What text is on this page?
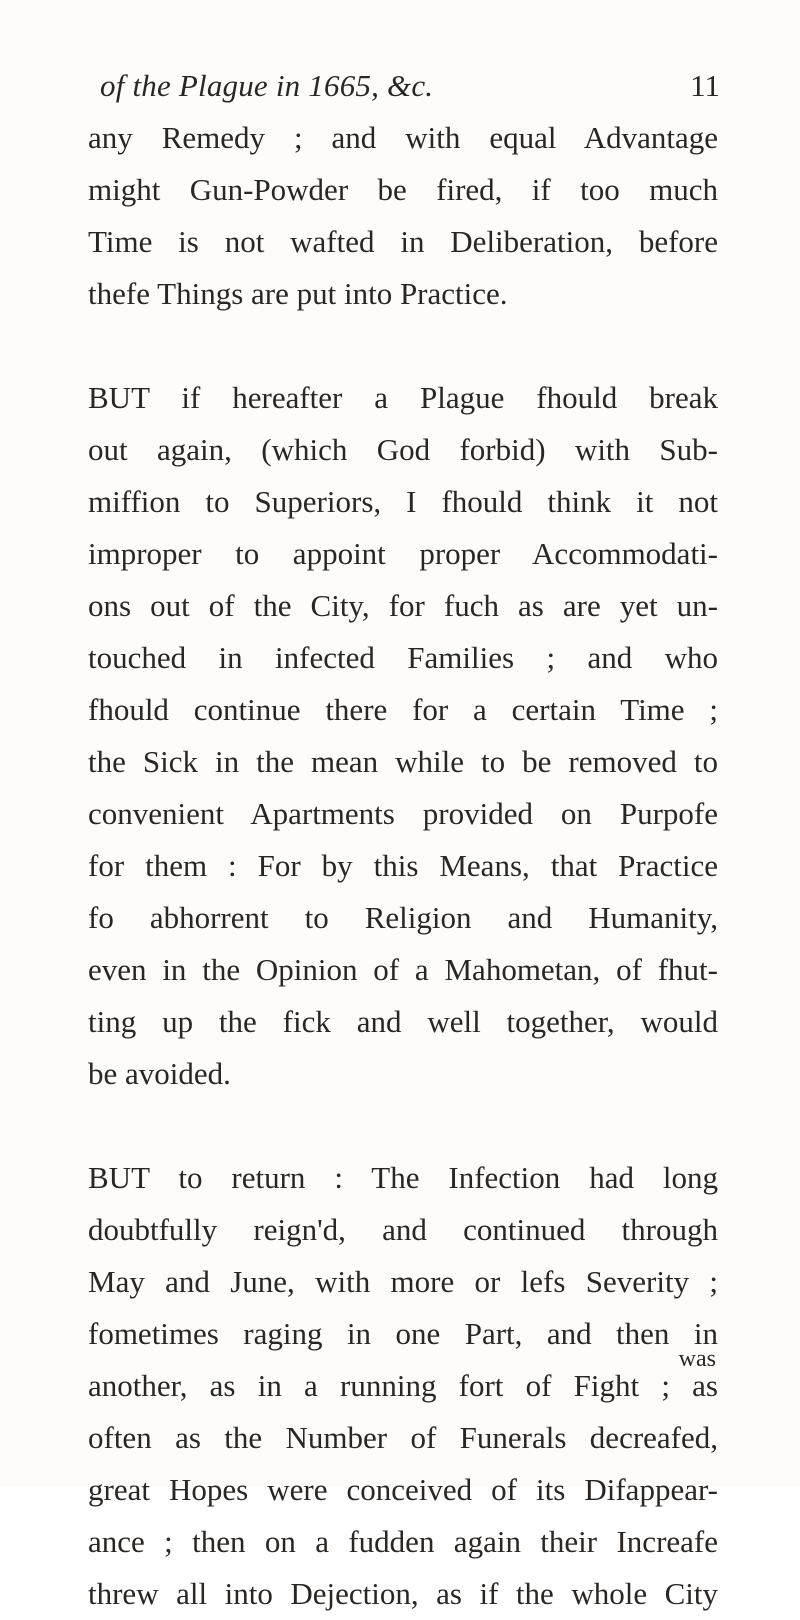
of the Plague in 1665, &c.	11
any Remedy ; and with equal Advantage
might Gun-Powder be fired, if too much
Time is not wafted in Deliberation, before
thefe Things are put into Practice.
BUT if hereafter a Plague fhould break
out again, (which God forbid) with Sub-
miffion to Superiors, I fhould think it not
improper to appoint proper Accommodati-
ons out of the City, for fuch as are yet un-
touched in infected Families ; and who
fhould continue there for a certain Time ;
the Sick in the mean while to be removed to
convenient Apartments provided on Purpofe
for them : For by this Means, that Practice
fo abhorrent to Religion and Humanity,
even in the Opinion of a Mahometan, of fhut-
ting up the fick and well together, would
be avoided.
BUT to return : The Infection had long
doubtfully reign'd, and continued through
May and June, with more or lefs Severity ;
fometimes raging in one Part, and then in
another, as in a running fort of Fight ; as
often as the Number of Funerals decreafed,
great Hopes were conceived of its Difappear-
ance ; then on a fudden again their Increafe
threw all into Dejection, as if the whole City
was
